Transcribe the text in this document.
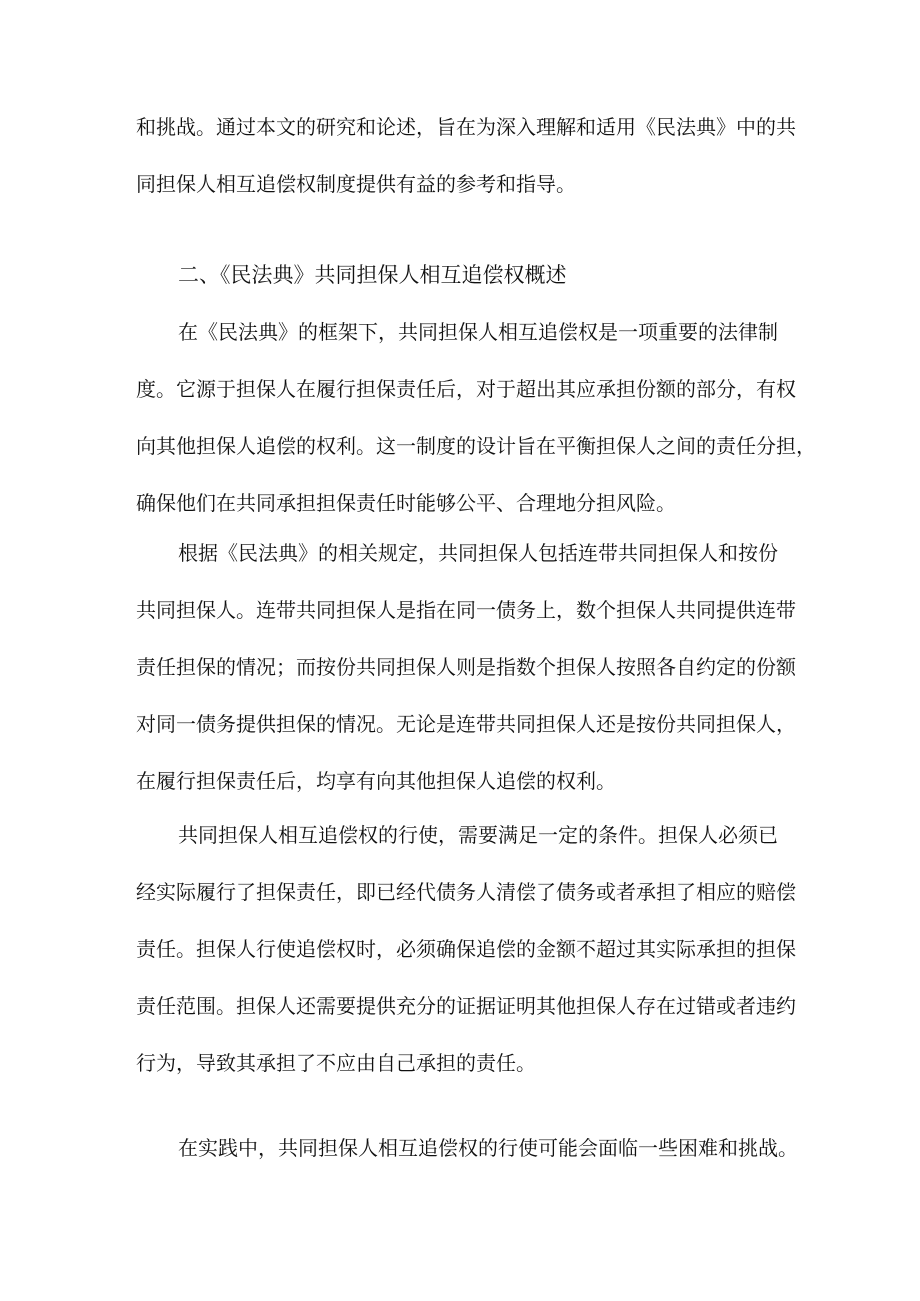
和挑战。通过本文的研究和论述，旨在为深入理解和适用《民法典》中的共
同担保人相互追偿权制度提供有益的参考和指导。
二、《民法典》共同担保人相互追偿权概述
在《民法典》的框架下，共同担保人相互追偿权是一项重要的法律制
度。它源于担保人在履行担保责任后，对于超出其应承担份额的部分，有权
向其他担保人追偿的权利。这一制度的设计旨在平衡担保人之间的责任分担，
确保他们在共同承担担保责任时能够公平、合理地分担风险。
根据《民法典》的相关规定，共同担保人包括连带共同担保人和按份
共同担保人。连带共同担保人是指在同一债务上，数个担保人共同提供连带
责任担保的情况；而按份共同担保人则是指数个担保人按照各自约定的份额
对同一债务提供担保的情况。无论是连带共同担保人还是按份共同担保人，
在履行担保责任后，均享有向其他担保人追偿的权利。
共同担保人相互追偿权的行使，需要满足一定的条件。担保人必须已
经实际履行了担保责任，即已经代债务人清偿了债务或者承担了相应的赔偿
责任。担保人行使追偿权时，必须确保追偿的金额不超过其实际承担的担保
责任范围。担保人还需要提供充分的证据证明其他担保人存在过错或者违约
行为，导致其承担了不应由自己承担的责任。
在实践中，共同担保人相互追偿权的行使可能会面临一些困难和挑战。
